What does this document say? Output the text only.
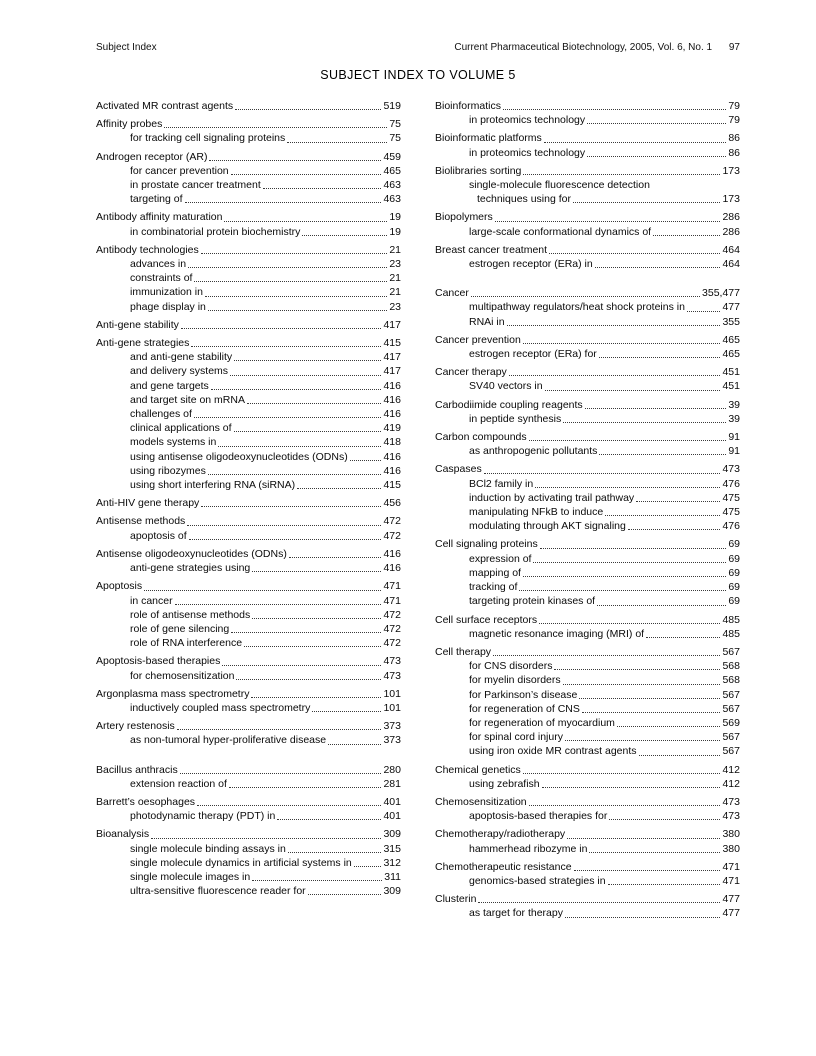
Subject Index	Current Pharmaceutical Biotechnology, 2005, Vol. 6, No. 1 97
SUBJECT INDEX TO VOLUME 5
Activated MR contrast agents	519
Affinity probes	75
for tracking cell signaling proteins	75
Androgen receptor (AR)	459
for cancer prevention	465
in prostate cancer treatment	463
targeting of	463
Antibody affinity maturation	19
in combinatorial protein biochemistry	19
Antibody technologies	21
advances in	23
constraints of	21
immunization in	21
phage display in	23
Anti-gene stability	417
Anti-gene strategies	415
and anti-gene stability	417
and delivery systems	417
and gene targets	416
and target site on mRNA	416
challenges of	416
clinical applications of	419
models systems in	418
using antisense oligodeoxynucleotides (ODNs)	416
using ribozymes	416
using short interfering RNA (siRNA)	415
Anti-HIV gene therapy	456
Antisense methods	472
apoptosis of	472
Antisense oligodeoxynucleotides (ODNs)	416
anti-gene strategies using	416
Apoptosis	471
in cancer	471
role of antisense methods	472
role of gene silencing	472
role of RNA interference	472
Apoptosis-based therapies	473
for chemosensitization	473
Argonplasma mass spectrometry	101
inductively coupled mass spectrometry	101
Artery restenosis	373
as non-tumoral hyper-proliferative disease	373
Bacillus anthracis	280
extension reaction of	281
Barrett’s oesophages	401
photodynamic therapy (PDT) in	401
Bioanalysis	309
single molecule binding assays in	315
single molecule dynamics in artificial systems in	312
single molecule images in	311
ultra-sensitive fluorescence reader for	309
Bioinformatics	79
in proteomics technology	79
Bioinformatic platforms	86
in proteomics technology	86
Biolibraries sorting	173
single-molecule fluorescence detection
techniques using for	173
Biopolymers	286
large-scale conformational dynamics of	286
Breast cancer treatment	464
estrogen receptor (ERa) in	464
Cancer	355,477
multipathway regulators/heat shock proteins in	477
RNAi in	355
Cancer prevention	465
estrogen receptor (ERa) for	465
Cancer therapy	451
SV40 vectors in	451
Carbodiimide coupling reagents	39
in peptide synthesis	39
Carbon compounds	91
as anthropogenic pollutants	91
Caspases	473
BCl2 family in	476
induction by activating trail pathway	475
manipulating NFkB to induce	475
modulating through AKT signaling	476
Cell signaling proteins	69
expression of	69
mapping of	69
tracking of	69
targeting protein kinases of	69
Cell surface receptors	485
magnetic resonance imaging (MRI) of	485
Cell therapy	567
for CNS disorders	568
for myelin disorders	568
for Parkinson’s disease	567
for regeneration of CNS	567
for regeneration of myocardium	569
for spinal cord injury	567
using iron oxide MR contrast agents	567
Chemical genetics	412
using zebrafish	412
Chemosensitization	473
apoptosis-based therapies for	473
Chemotherapy/radiotherapy	380
hammerhead ribozyme in	380
Chemotherapeutic resistance	471
genomics-based strategies in	471
Clusterin	477
as target for therapy	477
